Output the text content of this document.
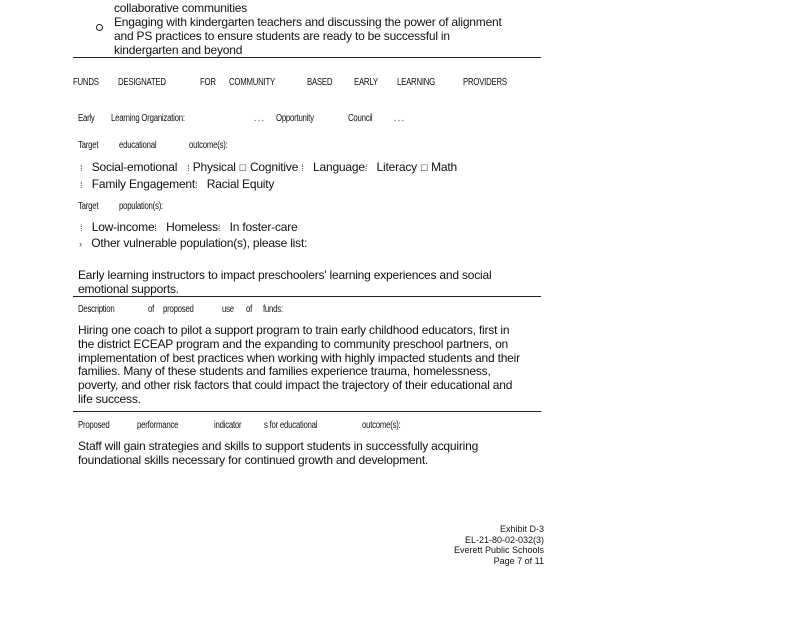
collaborative communities
Engaging with kindergarten teachers and discussing the power of alignment
and PS practices to ensure students are ready to be successful in
kindergarten and beyond
FUNDS DESIGNATED	FOR COMMUNITY	BASED EARLY LEARNING	PROVIDERS
Early Learning Organization:	. . . Opportunity	Council . . .
Target educational	outcome(s):
⁞ Social-emotional ⁞ Physical ☐ Cognitive ⁞ Language⁞ Literacy ☐ Math
⁞ Family Engagement⁞ Racial Equity
Target population(s):
⁞ Low-income⁞ Homeless⁞ In foster-care
› Other vulnerable population(s), please list:
Early learning instructors to impact preschoolers' learning experiences and social
emotional supports.
Description	of proposed	use of funds:
Hiring one coach to pilot a support program to train early childhood educators, first in
the district ECEAP program and the expanding to community preschool partners, on
implementation of best practices when working with highly impacted students and their
families. Many of these students and families experience trauma, homelessness,
poverty, and other risk factors that could impact the trajectory of their educational and
life success.
Proposed	performance	indicator s for educational	outcome(s):
Staff will gain strategies and skills to support students in successfully acquiring
foundational skills necessary for continued growth and development.
Exhibit D-3
EL-21-80-02-032(3)
Everett Public Schools
Page 7 of 11
